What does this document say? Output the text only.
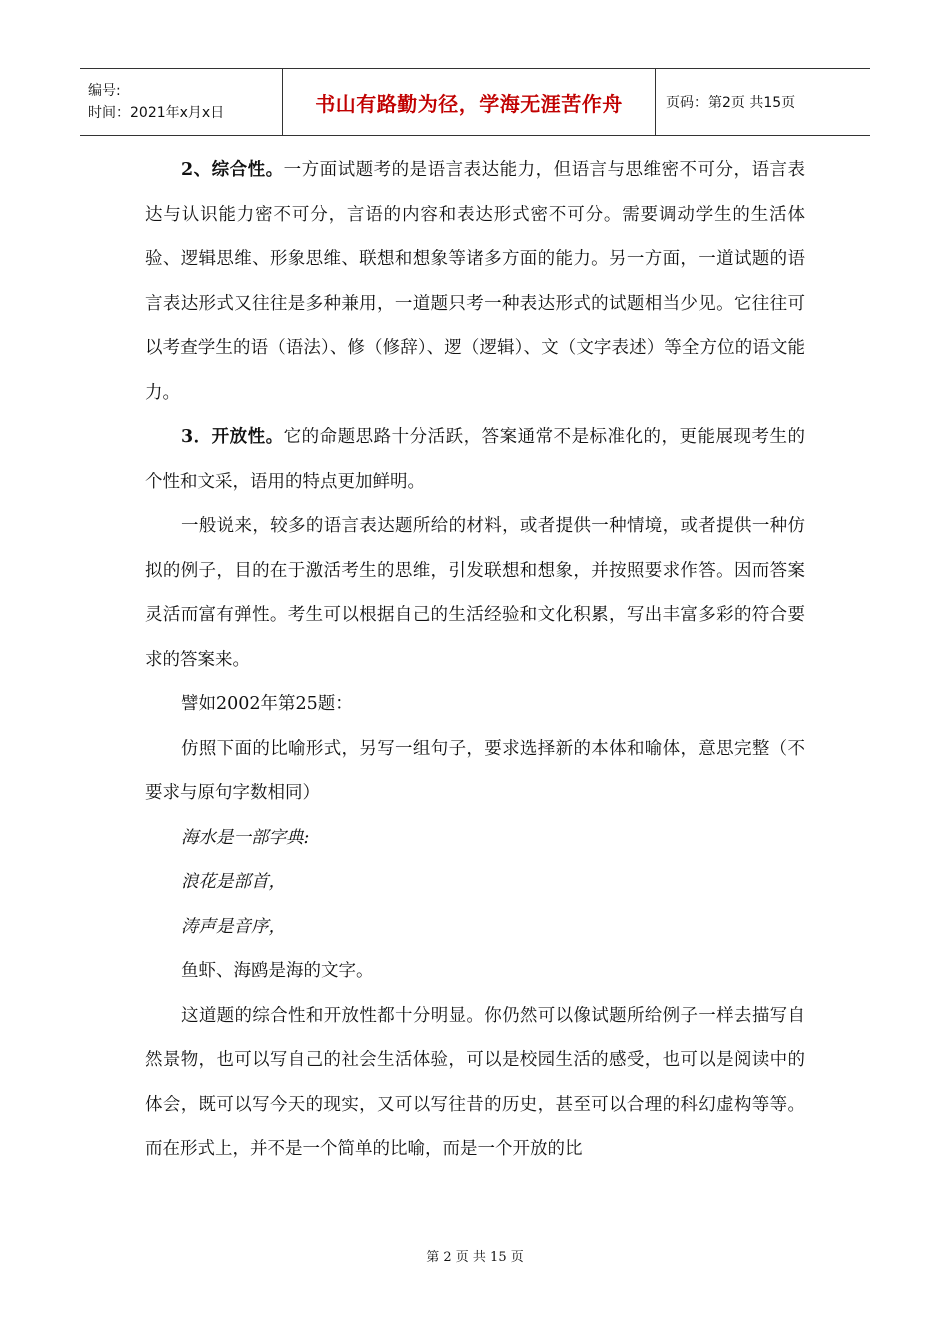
编号:
时间：2021年x月x日	书山有路勤为径，学海无涯苦作舟	页码：第2页 共15页

2、综合性。一方面试题考的是语言表达能力，但语言与思维密不可分，语言表达与认识能力密不可分，言语的内容和表达形式密不可分。需要调动学生的生活体验、逻辑思维、形象思维、联想和想象等诸多方面的能力。另一方面，一道试题的语言表达形式又往往是多种兼用，一道题只考一种表达形式的试题相当少见。它往往可以考查学生的语（语法）、修（修辞）、逻（逻辑）、文（文字表述）等全方位的语文能力。

3．开放性。它的命题思路十分活跃，答案通常不是标准化的，更能展现考生的个性和文采，语用的特点更加鲜明。

一般说来，较多的语言表达题所给的材料，或者提供一种情境，或者提供一种仿拟的例子，目的在于激活考生的思维，引发联想和想象，并按照要求作答。因而答案灵活而富有弹性。考生可以根据自己的生活经验和文化积累，写出丰富多彩的符合要求的答案来。

譬如2002年第25题：

仿照下面的比喻形式，另写一组句子，要求选择新的本体和喻体，意思完整（不要求与原句字数相同）

海水是一部字典:

浪花是部首，

涛声是音序，

鱼虾、海鸥是海的文字。

这道题的综合性和开放性都十分明显。你仍然可以像试题所给例子一样去描写自然景物，也可以写自己的社会生活体验，可以是校园生活的感受，也可以是阅读中的体会，既可以写今天的现实，又可以写往昔的历史，甚至可以合理的科幻虚构等等。而在形式上，并不是一个简单的比喻，而是一个开放的比

第 2 页 共 15 页
